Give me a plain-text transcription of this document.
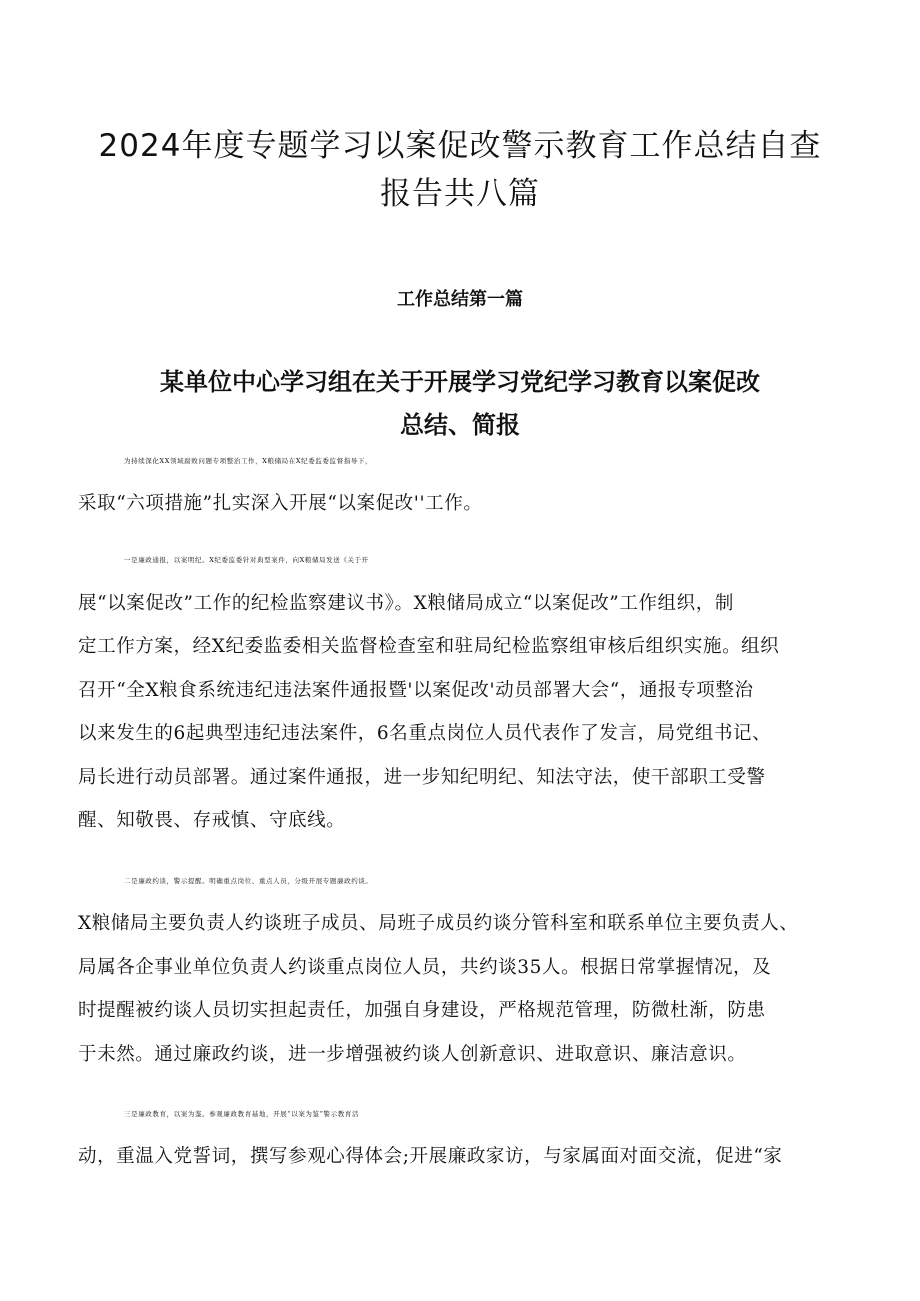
2024年度专题学习以案促改警示教育工作总结自查
报告共八篇
工作总结第一篇
某单位中心学习组在关于开展学习党纪学习教育以案促改
总结、简报
为持续深化XX领域腐败问题专项整治工作，X粮储局在X纪委监委监督指导下，
采取“六项措施”扎实深入开展“以案促改''工作。
一是廉政通报，以案明纪。X纪委监委针对典型案件，向X粮储局发送《关于开
展“以案促改”工作的纪检监察建议书》。X粮储局成立“以案促改”工作组织，制
定工作方案，经X纪委监委相关监督检查室和驻局纪检监察组审核后组织实施。组织
召开“全X粮食系统违纪违法案件通报暨'以案促改'动员部署大会“，通报专项整治
以来发生的6起典型违纪违法案件，6名重点岗位人员代表作了发言，局党组书记、
局长进行动员部署。通过案件通报，进一步知纪明纪、知法守法，使干部职工受警
醒、知敬畏、存戒慎、守底线。
二是廉政约谈，警示提醒。明确重点岗位、重点人员，分级开展专题廉政约谈。
X粮储局主要负责人约谈班子成员、局班子成员约谈分管科室和联系单位主要负责人、
局属各企事业单位负责人约谈重点岗位人员，共约谈35人。根据日常掌握情况，及
时提醒被约谈人员切实担起责任，加强自身建设，严格规范管理，防微杜渐，防患
于未然。通过廉政约谈，进一步增强被约谈人创新意识、进取意识、廉洁意识。
三是廉政教育，以案为鉴。参观廉政教育基地，开展“以案为鉴”警示教育活
动，重温入党誓词，撰写参观心得体会;开展廉政家访，与家属面对面交流，促进“家
